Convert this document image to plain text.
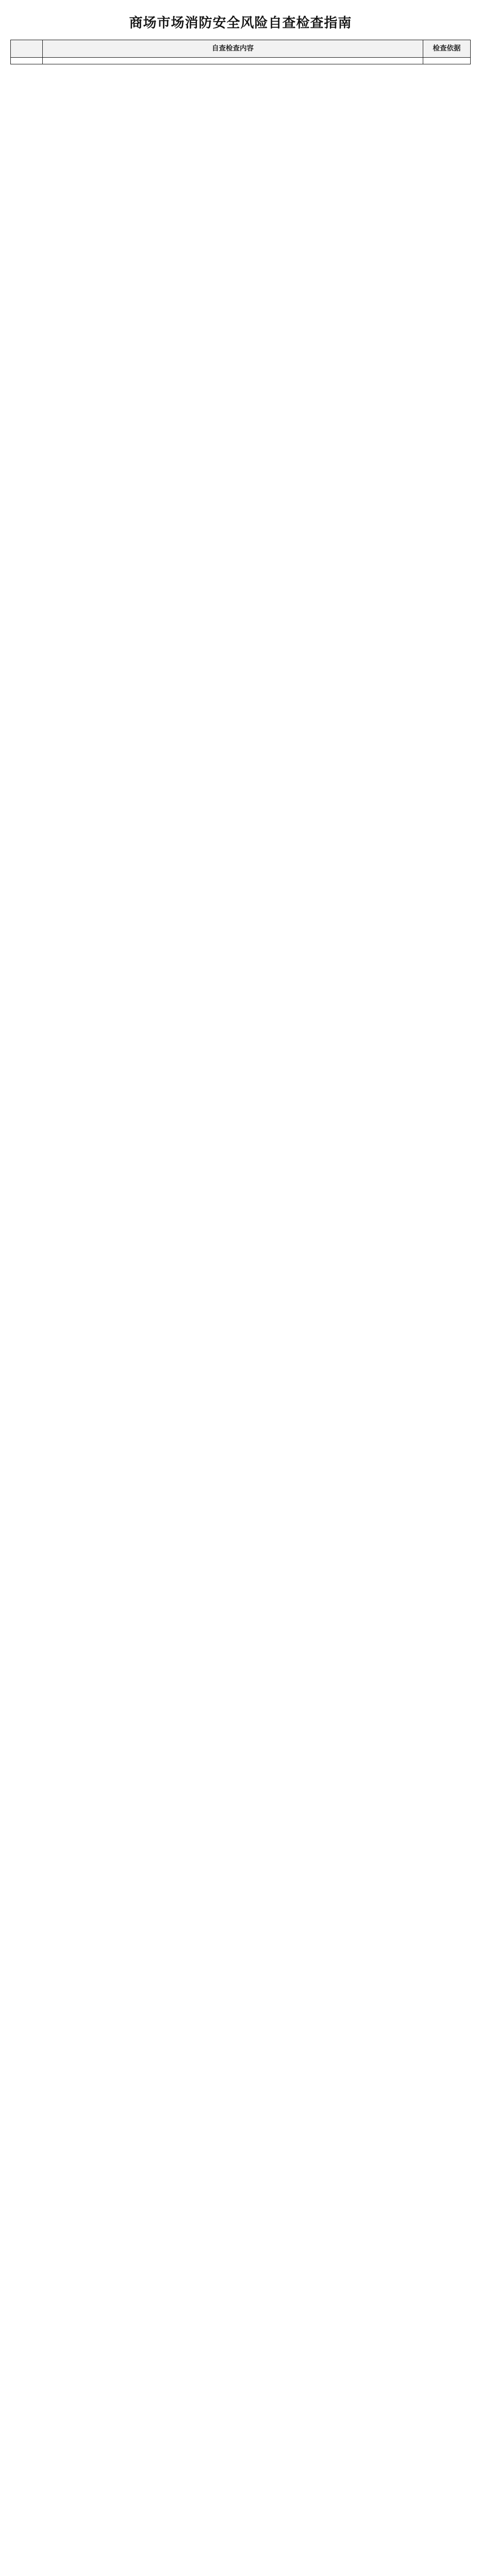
商场市场消防安全风险自查检查指南
	自查检查内容	检查依据
